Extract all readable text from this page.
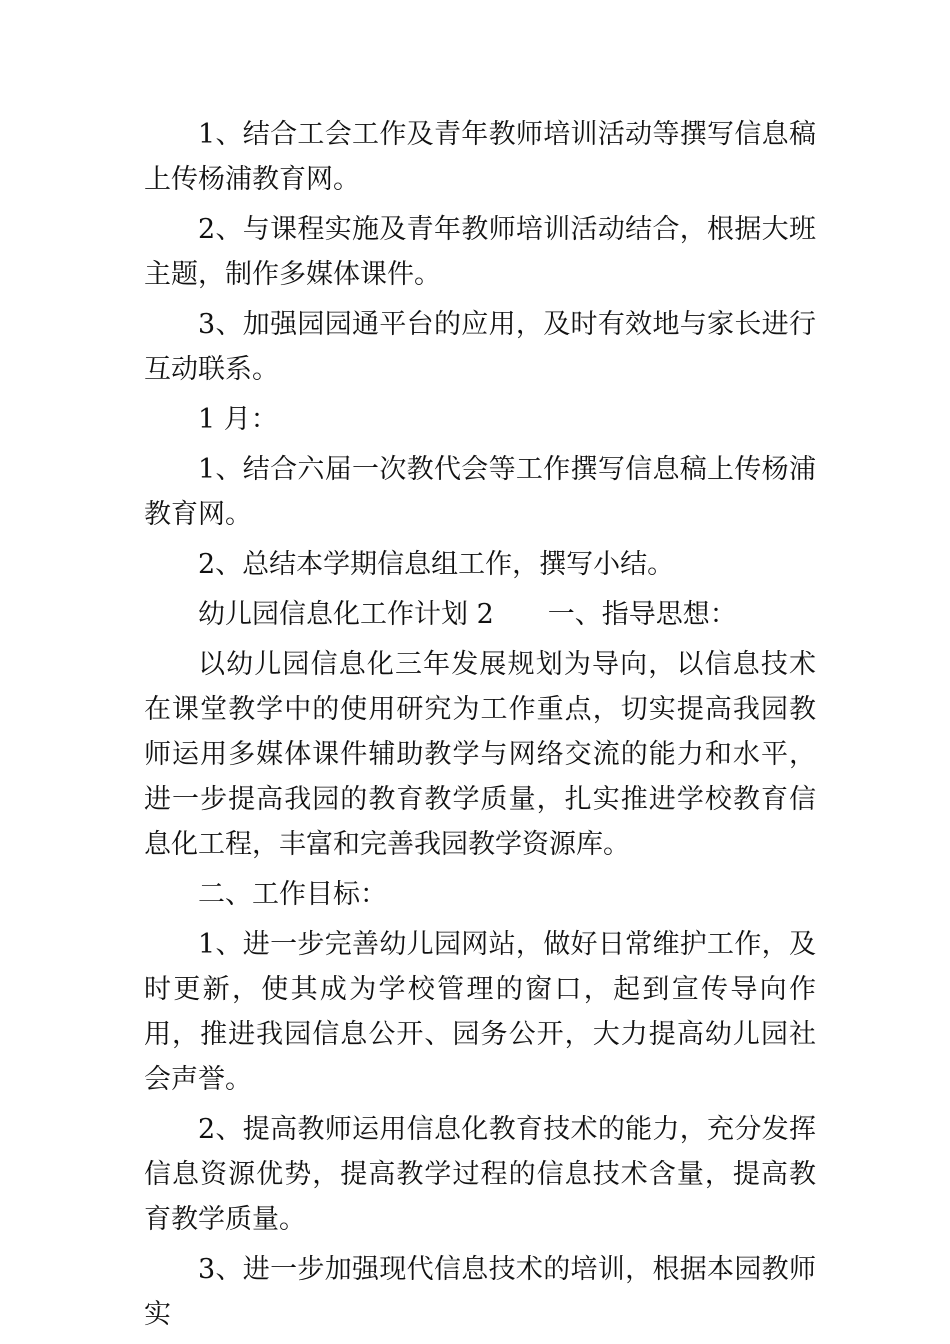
1、结合工会工作及青年教师培训活动等撰写信息稿上传杨浦教育网。

2、与课程实施及青年教师培训活动结合，根据大班主题，制作多媒体课件。

3、加强园园通平台的应用，及时有效地与家长进行互动联系。

1 月：

1、结合六届一次教代会等工作撰写信息稿上传杨浦教育网。

2、总结本学期信息组工作，撰写小结。

幼儿园信息化工作计划 2　　一、指导思想：

以幼儿园信息化三年发展规划为导向，以信息技术在课堂教学中的使用研究为工作重点，切实提高我园教师运用多媒体课件辅助教学与网络交流的能力和水平，进一步提高我园的教育教学质量，扎实推进学校教育信息化工程，丰富和完善我园教学资源库。

二、工作目标：

1、进一步完善幼儿园网站，做好日常维护工作，及时更新，使其成为学校管理的窗口，起到宣传导向作用，推进我园信息公开、园务公开，大力提高幼儿园社会声誉。

2、提高教师运用信息化教育技术的能力，充分发挥信息资源优势，提高教学过程的信息技术含量，提高教育教学质量。

3、进一步加强现代信息技术的培训，根据本园教师实
